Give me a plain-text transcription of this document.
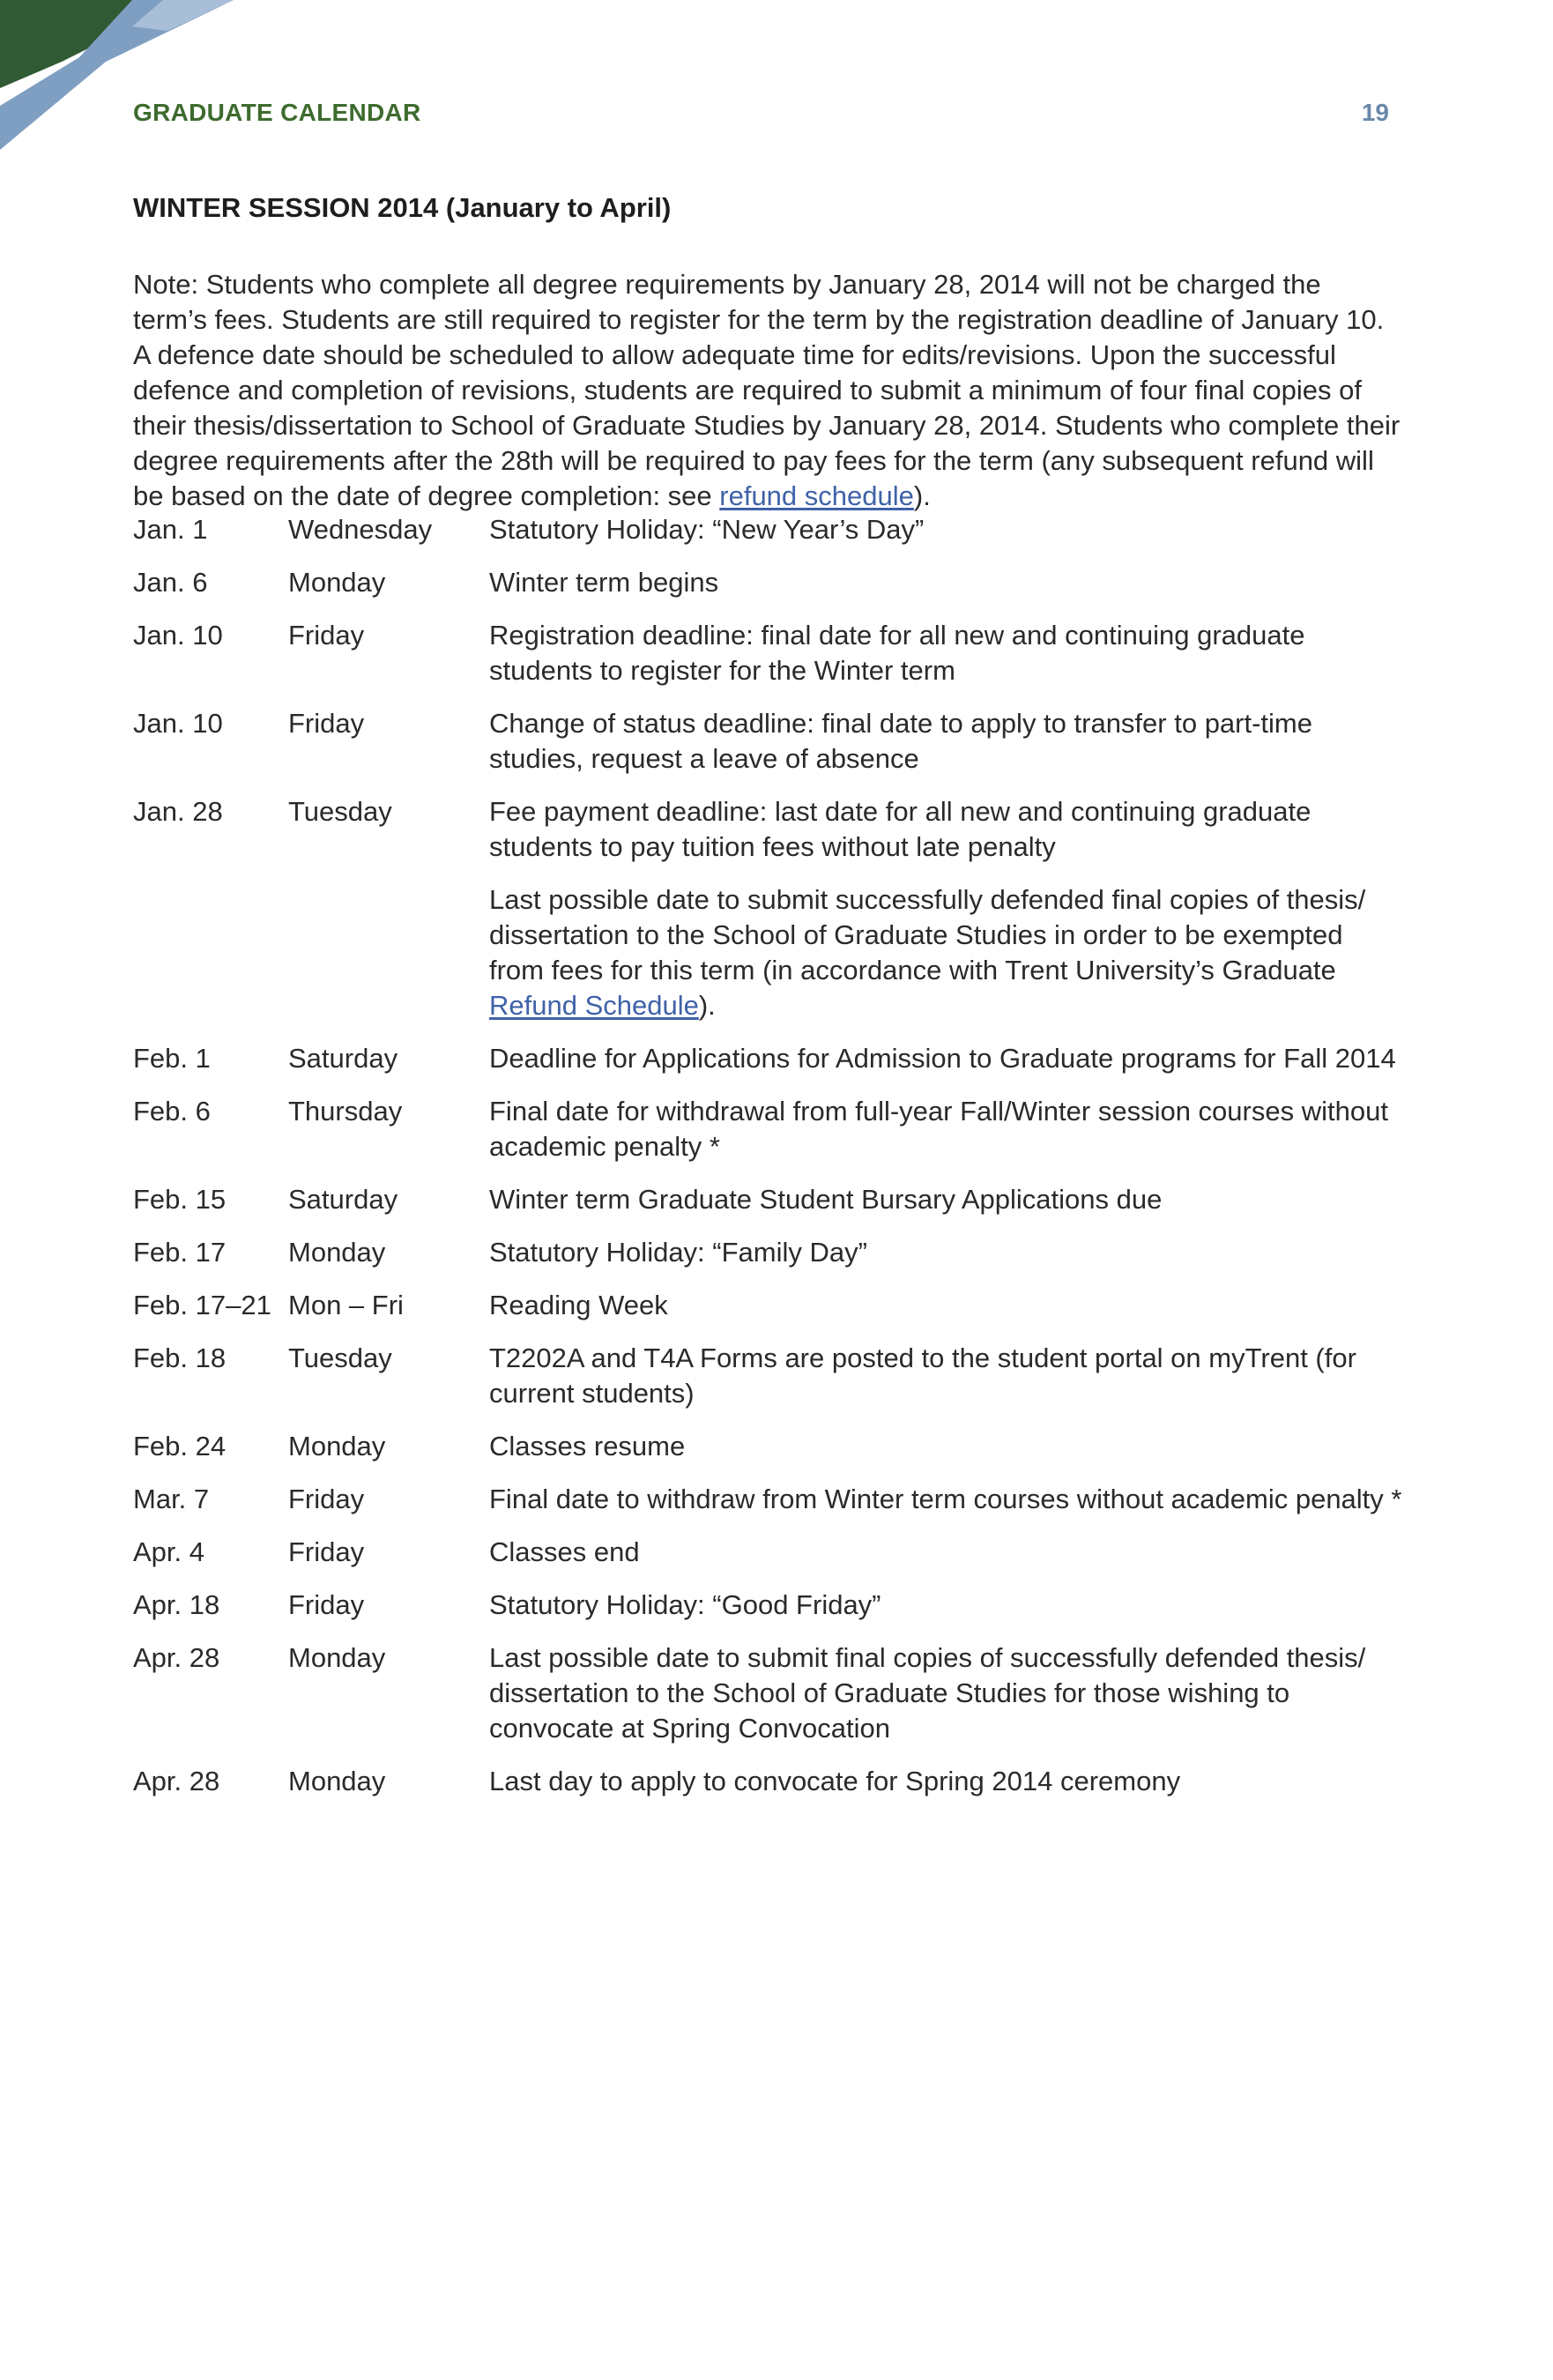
GRADUATE CALENDAR	19
WINTER SESSION 2014 (January to April)

Note: Students who complete all degree requirements by January 28, 2014 will not be charged the term’s fees. Students are still required to register for the term by the registration deadline of January 10. A defence date should be scheduled to allow adequate time for edits/revisions. Upon the successful defence and completion of revisions, students are required to submit a minimum of four final copies of their thesis/dissertation to School of Graduate Studies by January 28, 2014. Students who complete their degree requirements after the 28th will be required to pay fees for the term (any subsequent refund will be based on the date of degree completion: see refund schedule).

Jan. 1	Wednesday	Statutory Holiday: “New Year’s Day”

Jan. 6	Monday	Winter term begins

Jan. 10	Friday	Registration deadline: final date for all new and continuing graduate students to register for the Winter term

Jan. 10	Friday	Change of status deadline: final date to apply to transfer to part-time studies, request a leave of absence

Jan. 28	Tuesday	Fee payment deadline: last date for all new and continuing graduate students to pay tuition fees without late penalty

Last possible date to submit successfully defended final copies of thesis/ dissertation to the School of Graduate Studies in order to be exempted from fees for this term (in accordance with Trent University’s Graduate Refund Schedule).

Feb. 1	Saturday	Deadline for Applications for Admission to Graduate programs for Fall 2014

Feb. 6	Thursday	Final date for withdrawal from full-year Fall/Winter session courses without academic penalty *

Feb. 15	Saturday	Winter term Graduate Student Bursary Applications due

Feb. 17	Monday	Statutory Holiday: “Family Day”

Feb. 17–21 Mon – Fri	Reading Week

Feb. 18	Tuesday	T2202A and T4A Forms are posted to the student portal on myTrent (for current students)

Feb. 24	Monday	Classes resume

Mar. 7	Friday	Final date to withdraw from Winter term courses without academic penalty *

Apr. 4	Friday	Classes end

Apr. 18	Friday	Statutory Holiday: “Good Friday”

Apr. 28	Monday	Last possible date to submit final copies of successfully defended thesis/ dissertation to the School of Graduate Studies for those wishing to convocate at Spring Convocation

Apr. 28	Monday	Last day to apply to convocate for Spring 2014 ceremony
